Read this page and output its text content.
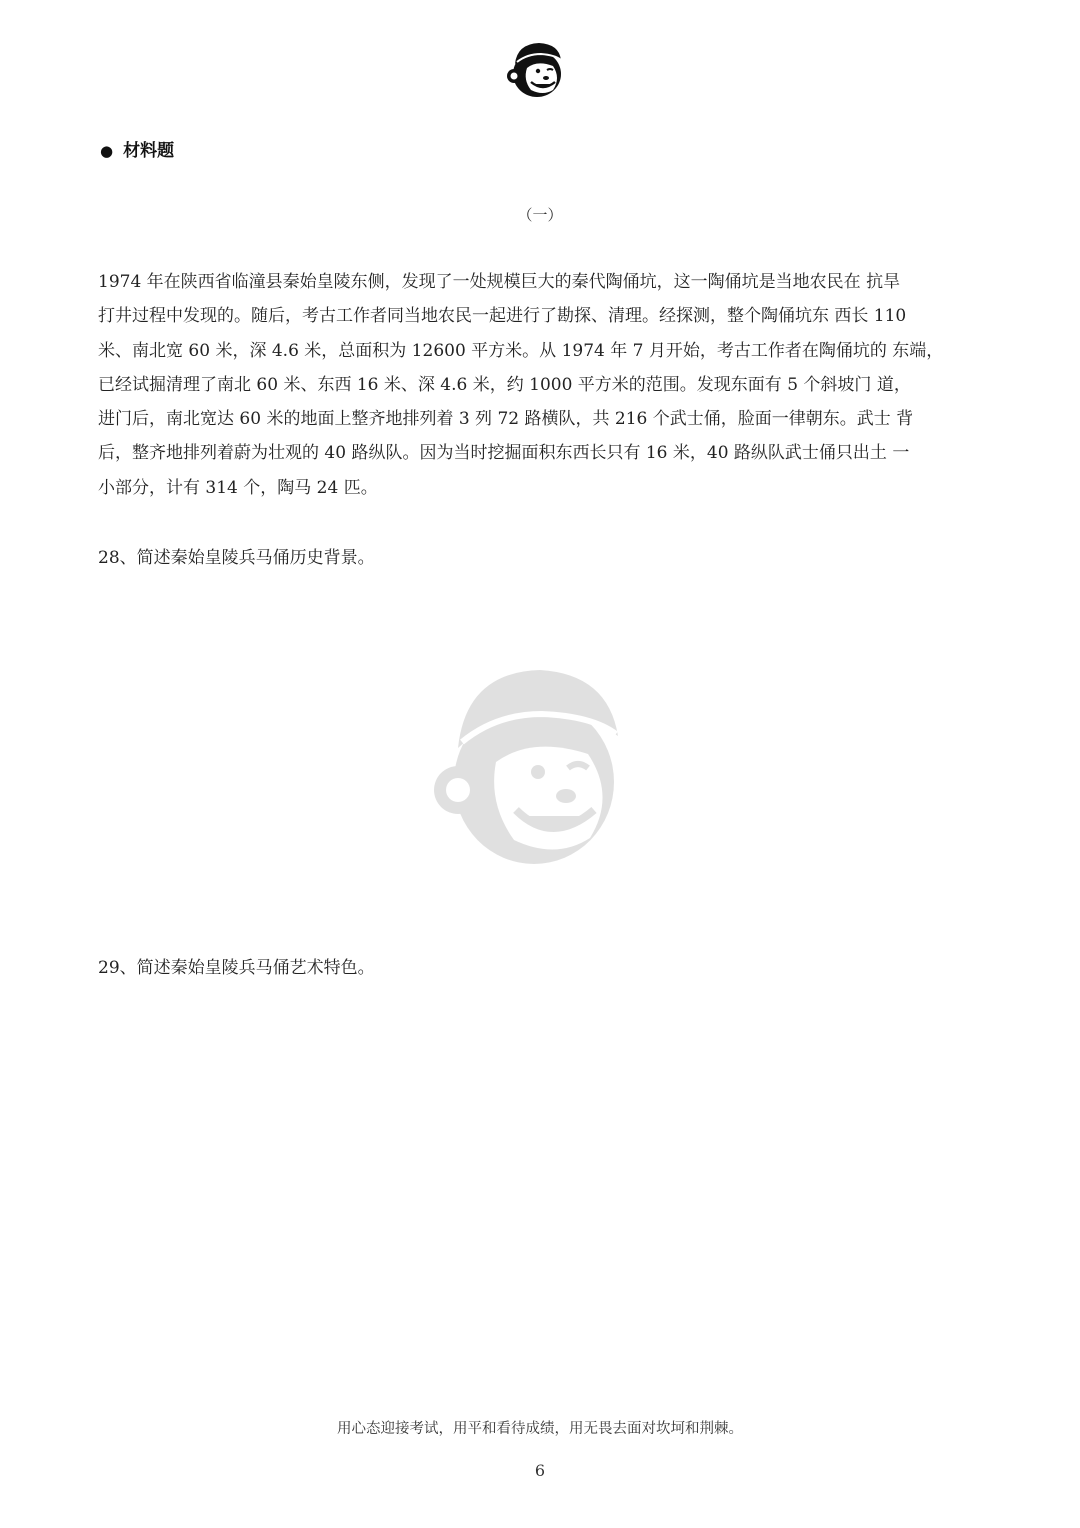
● 材料题
（一）
1974 年在陕西省临潼县秦始皇陵东侧，发现了一处规模巨大的秦代陶俑坑，这一陶俑坑是当地农民在 抗旱
打井过程中发现的。随后，考古工作者同当地农民一起进行了勘探、清理。经探测，整个陶俑坑东 西长 110
米、南北宽 60 米，深 4.6 米，总面积为 12600 平方米。从 1974 年 7 月开始，考古工作者在陶俑坑的 东端，
已经试掘清理了南北 60 米、东西 16 米、深 4.6 米，约 1000 平方米的范围。发现东面有 5 个斜坡门 道，
进门后，南北宽达 60 米的地面上整齐地排列着 3 列 72 路横队，共 216 个武士俑，脸面一律朝东。武士 背
后，整齐地排列着蔚为壮观的 40 路纵队。因为当时挖掘面积东西长只有 16 米，40 路纵队武士俑只出土 一
小部分，计有 314 个，陶马 24 匹。
28、简述秦始皇陵兵马俑历史背景。
29、简述秦始皇陵兵马俑艺术特色。
用心态迎接考试，用平和看待成绩，用无畏去面对坎坷和荆棘。
6
